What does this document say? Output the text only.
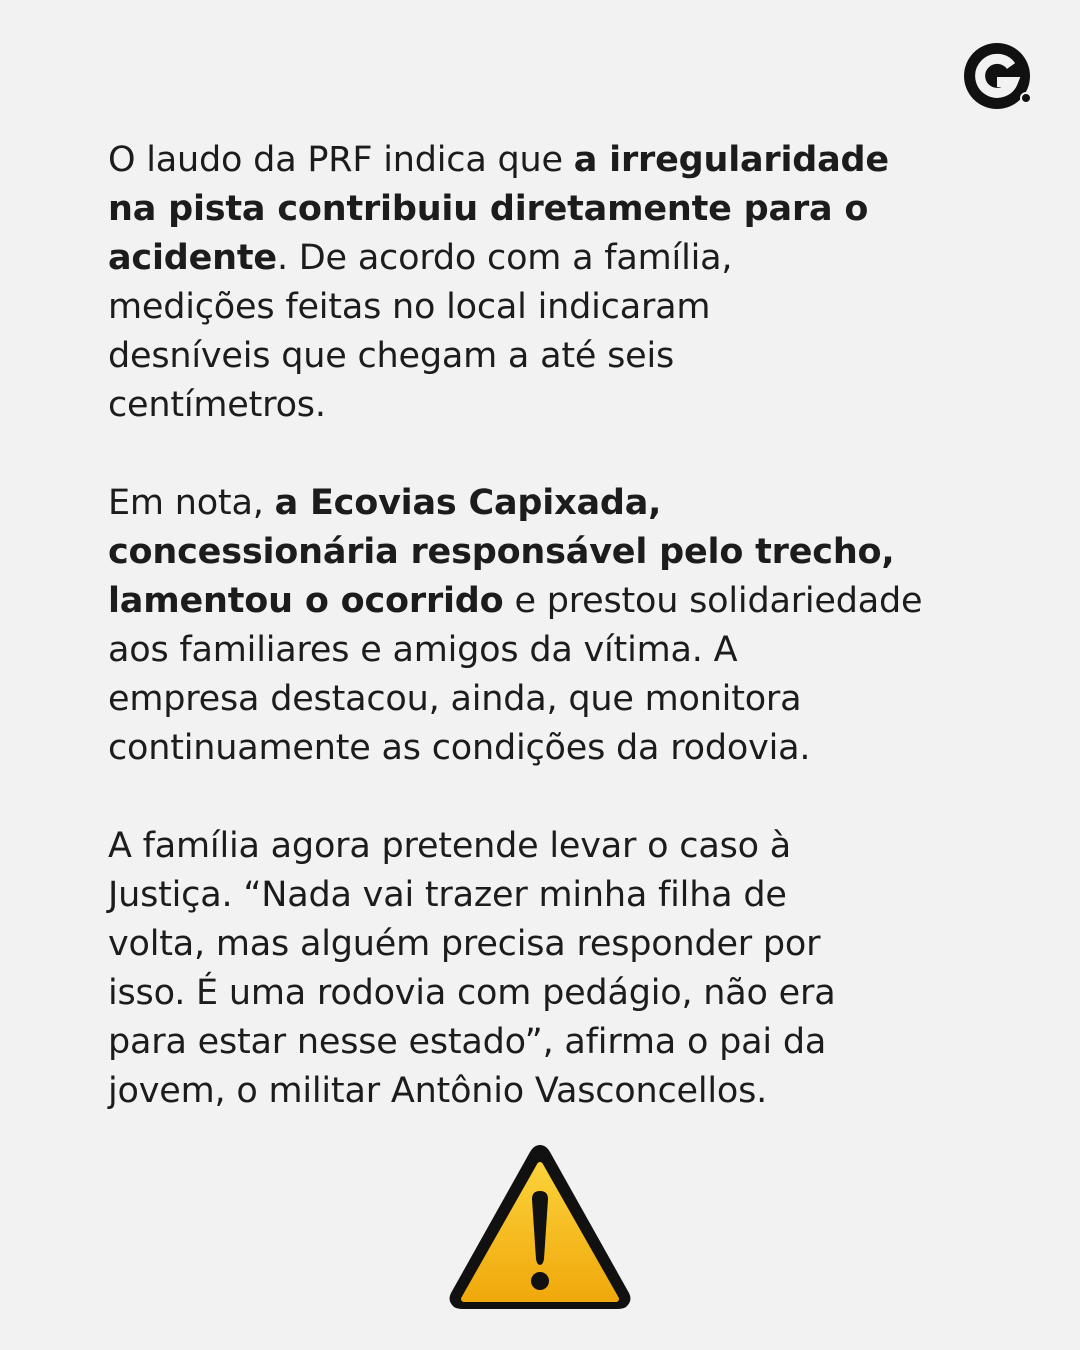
O laudo da PRF indica que a irregularidade
na pista contribuiu diretamente para o
acidente. De acordo com a família,
medições feitas no local indicaram
desníveis que chegam a até seis
centímetros.
Em nota, a Ecovias Capixada,
concessionária responsável pelo trecho,
lamentou o ocorrido e prestou solidariedade
aos familiares e amigos da vítima. A
empresa destacou, ainda, que monitora
continuamente as condições da rodovia.
A família agora pretende levar o caso à
Justiça. “Nada vai trazer minha filha de
volta, mas alguém precisa responder por
isso. É uma rodovia com pedágio, não era
para estar nesse estado”, afirma o pai da
jovem, o militar Antônio Vasconcellos.
